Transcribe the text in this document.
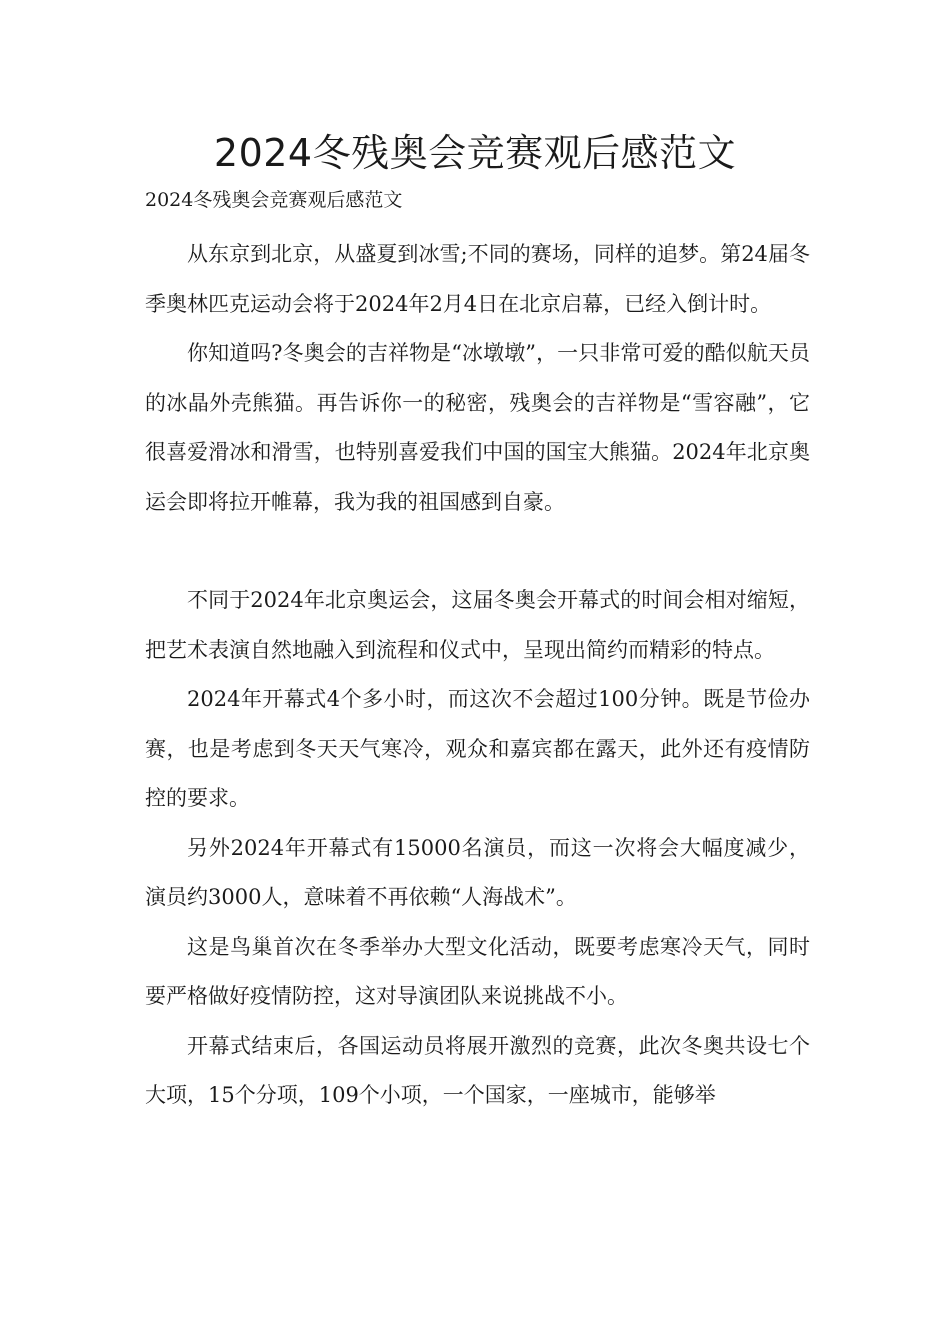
2024冬残奥会竞赛观后感范文

2024冬残奥会竞赛观后感范文

从东京到北京，从盛夏到冰雪;不同的赛场，同样的追梦。第24届冬季奥林匹克运动会将于2024年2月4日在北京启幕，已经入倒计时。

你知道吗?冬奥会的吉祥物是“冰墩墩”，一只非常可爱的酷似航天员的冰晶外壳熊猫。再告诉你一的秘密，残奥会的吉祥物是“雪容融”，它很喜爱滑冰和滑雪，也特别喜爱我们中国的国宝大熊猫。2024年北京奥运会即将拉开帷幕，我为我的祖国感到自豪。

不同于2024年北京奥运会，这届冬奥会开幕式的时间会相对缩短，把艺术表演自然地融入到流程和仪式中，呈现出简约而精彩的特点。

2024年开幕式4个多小时，而这次不会超过100分钟。既是节俭办赛，也是考虑到冬天天气寒冷，观众和嘉宾都在露天，此外还有疫情防控的要求。

另外2024年开幕式有15000名演员，而这一次将会大幅度减少，演员约3000人，意味着不再依赖“人海战术”。

这是鸟巢首次在冬季举办大型文化活动，既要考虑寒冷天气，同时要严格做好疫情防控，这对导演团队来说挑战不小。

开幕式结束后，各国运动员将展开激烈的竞赛，此次冬奥共设七个大项，15个分项，109个小项，一个国家，一座城市，能够举
